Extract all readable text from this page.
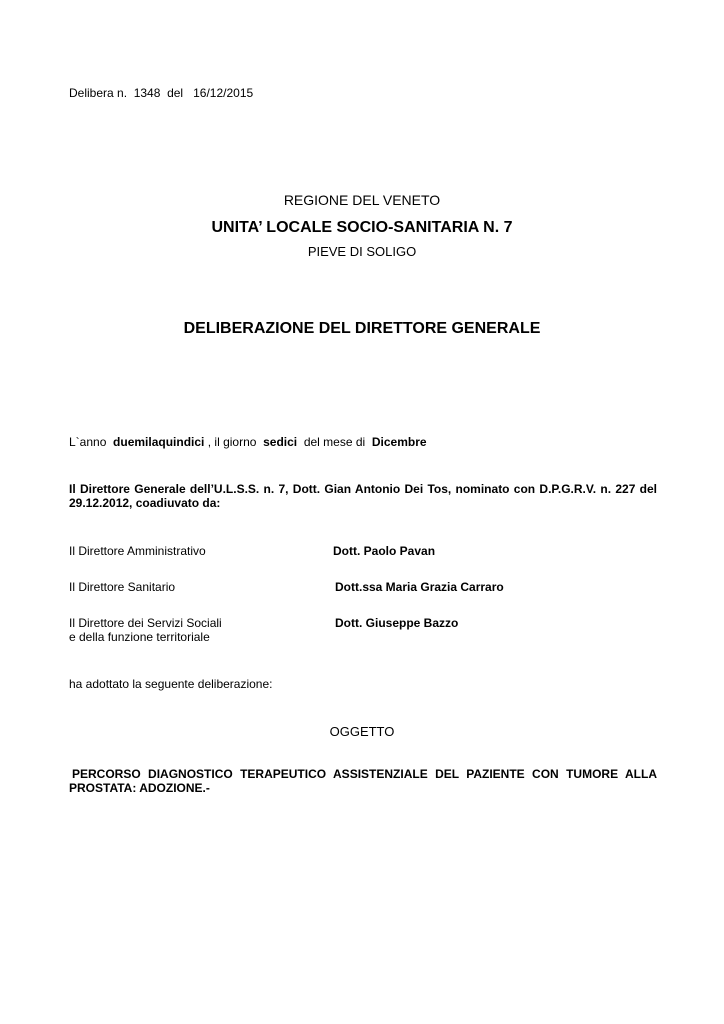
Delibera n. 1348 del 16/12/2015
REGIONE DEL VENETO
UNITA’ LOCALE SOCIO-SANITARIA N. 7
PIEVE DI SOLIGO
DELIBERAZIONE DEL DIRETTORE GENERALE
L`anno duemilaquindici , il giorno sedici del mese di Dicembre
Il Direttore Generale dell’U.L.S.S. n. 7, Dott. Gian Antonio Dei Tos, nominato con D.P.G.R.V. n. 227 del 29.12.2012, coadiuvato da:
Il Direttore Amministrativo	Dott. Paolo Pavan
Il Direttore Sanitario	Dott.ssa Maria Grazia Carraro
Il Direttore dei Servizi Sociali
e della funzione territoriale
Dott. Giuseppe Bazzo
ha adottato la seguente deliberazione:
OGGETTO
PERCORSO DIAGNOSTICO TERAPEUTICO ASSISTENZIALE DEL PAZIENTE CON TUMORE ALLA PROSTATA: ADOZIONE.-
